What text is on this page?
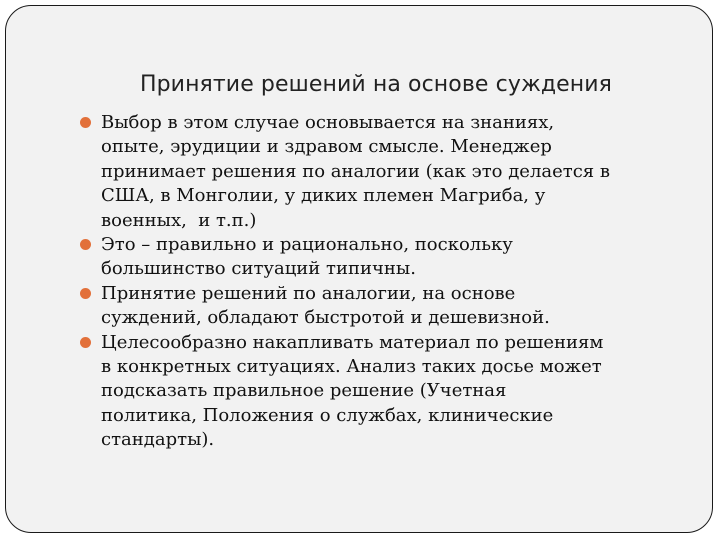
Принятие решений на основе суждения
Выбор в этом случае основывается на знаниях,
опыте, эрудиции и здравом смысле. Менеджер
принимает решения по аналогии (как это делается в
США, в Монголии, у диких племен Магриба, у
военных,  и т.п.)
Это – правильно и рационально, поскольку
большинство ситуаций типичны.
Принятие решений по аналогии, на основе
суждений, обладают быстротой и дешевизной.
Целесообразно накапливать материал по решениям
в конкретных ситуациях. Анализ таких досье может
подсказать правильное решение (Учетная
политика, Положения о службах, клинические
стандарты).
